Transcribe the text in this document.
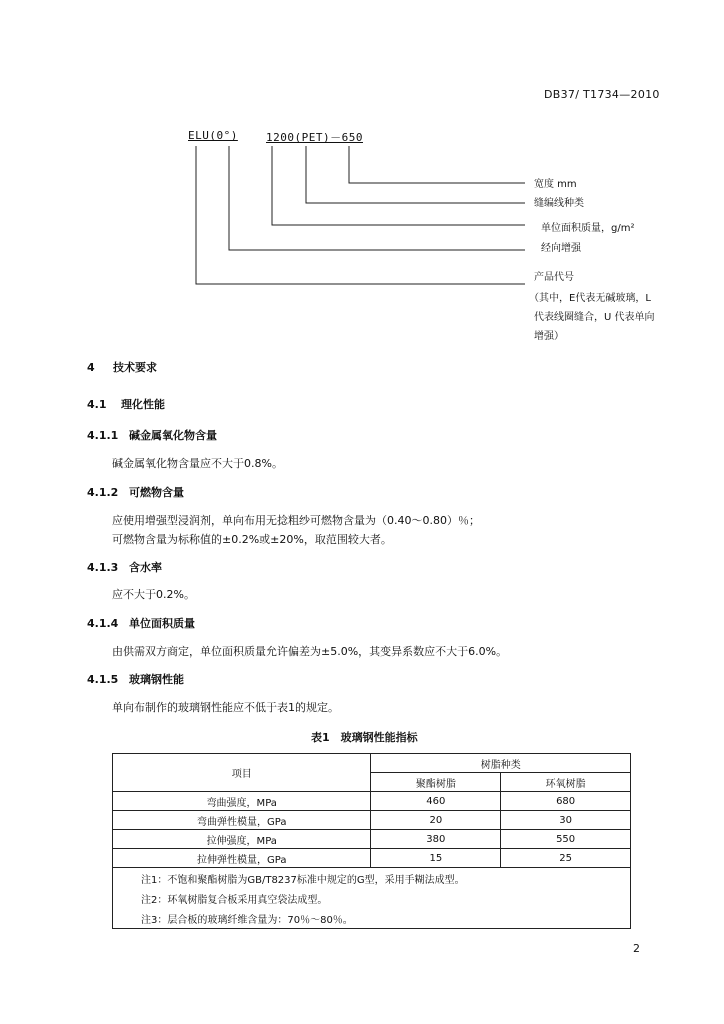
DB37/ T1734—2010
ELU(0°)	1200(PET)－650
宽度 mm
缝编线种类
单位面积质量，g/m²
经向增强
产品代号
（其中，E代表无碱玻璃，L
代表线圈缝合，U 代表单向
增强）
4 技术要求
4.1 理化性能
4.1.1 碱金属氧化物含量
碱金属氧化物含量应不大于0.8%。
4.1.2 可燃物含量
应使用增强型浸润剂，单向布用无捻粗纱可燃物含量为（0.40～0.80）％；
可燃物含量为标称值的±0.2%或±20%，取范围较大者。
4.1.3 含水率
应不大于0.2%。
4.1.4 单位面积质量
由供需双方商定，单位面积质量允许偏差为±5.0%，其变异系数应不大于6.0%。
4.1.5 玻璃钢性能
单向布制作的玻璃钢性能应不低于表1的规定。
表1　玻璃钢性能指标
项目	树脂种类	
	聚酯树脂	环氧树脂
弯曲强度，MPa	460	680
弯曲弹性模量，GPa	20	30
拉伸强度，MPa	380	550
拉伸弹性模量，GPa	15	25
注1：不饱和聚酯树脂为GB/T8237标准中规定的G型，采用手糊法成型。		
注2：环氧树脂复合板采用真空袋法成型。		
注3：层合板的玻璃纤维含量为：70％～80％。		
2
